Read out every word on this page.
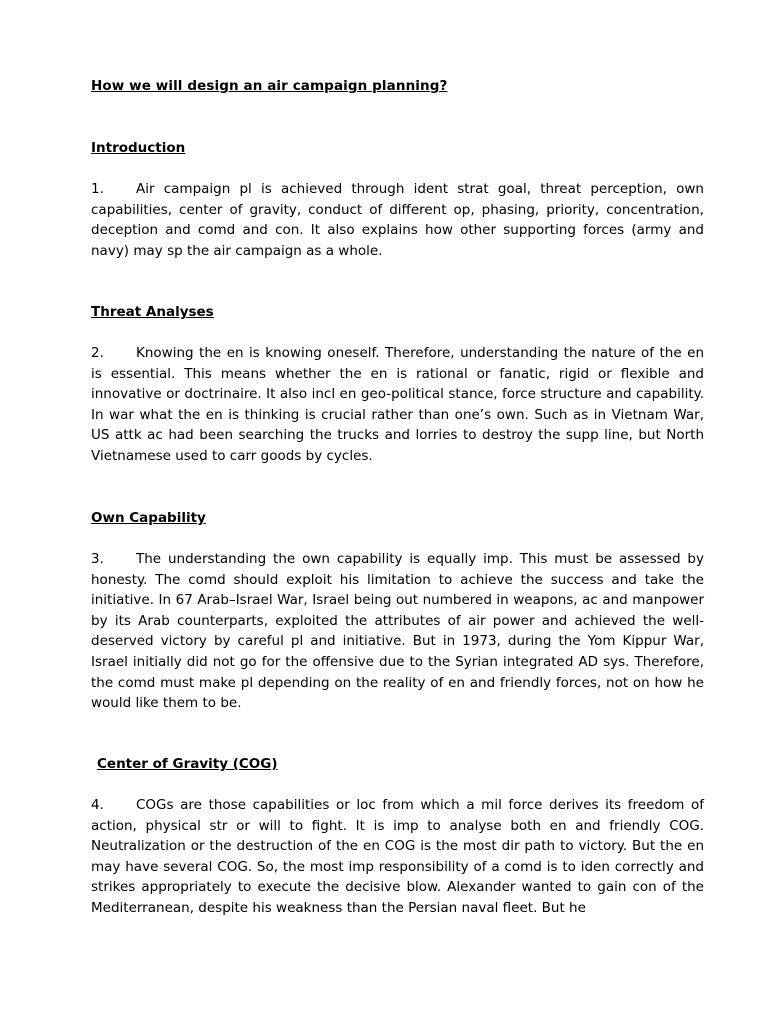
How we will design an air campaign planning?
Introduction
1. Air campaign pl is achieved through ident strat goal, threat perception, own capabilities, center of gravity, conduct of different op, phasing, priority, concentration, deception and comd and con. It also explains how other supporting forces (army and navy) may sp the air campaign as a whole.
Threat Analyses
2. Knowing the en is knowing oneself. Therefore, understanding the nature of the en is essential. This means whether the en is rational or fanatic, rigid or flexible and innovative or doctrinaire. It also incl en geo-political stance, force structure and capability. In war what the en is thinking is crucial rather than one’s own. Such as in Vietnam War, US attk ac had been searching the trucks and lorries to destroy the supp line, but North Vietnamese used to carr goods by cycles.
Own Capability
3. The understanding the own capability is equally imp. This must be assessed by honesty. The comd should exploit his limitation to achieve the success and take the initiative. In 67 Arab–Israel War, Israel being out numbered in weapons, ac and manpower by its Arab counterparts, exploited the attributes of air power and achieved the well-deserved victory by careful pl and initiative. But in 1973, during the Yom Kippur War, Israel initially did not go for the offensive due to the Syrian integrated AD sys. Therefore, the comd must make pl depending on the reality of en and friendly forces, not on how he would like them to be.
Center of Gravity (COG)
4. COGs are those capabilities or loc from which a mil force derives its freedom of action, physical str or will to fight. It is imp to analyse both en and friendly COG. Neutralization or the destruction of the en COG is the most dir path to victory. But the en may have several COG. So, the most imp responsibility of a comd is to iden correctly and strikes appropriately to execute the decisive blow. Alexander wanted to gain con of the Mediterranean, despite his weakness than the Persian naval fleet. But he
